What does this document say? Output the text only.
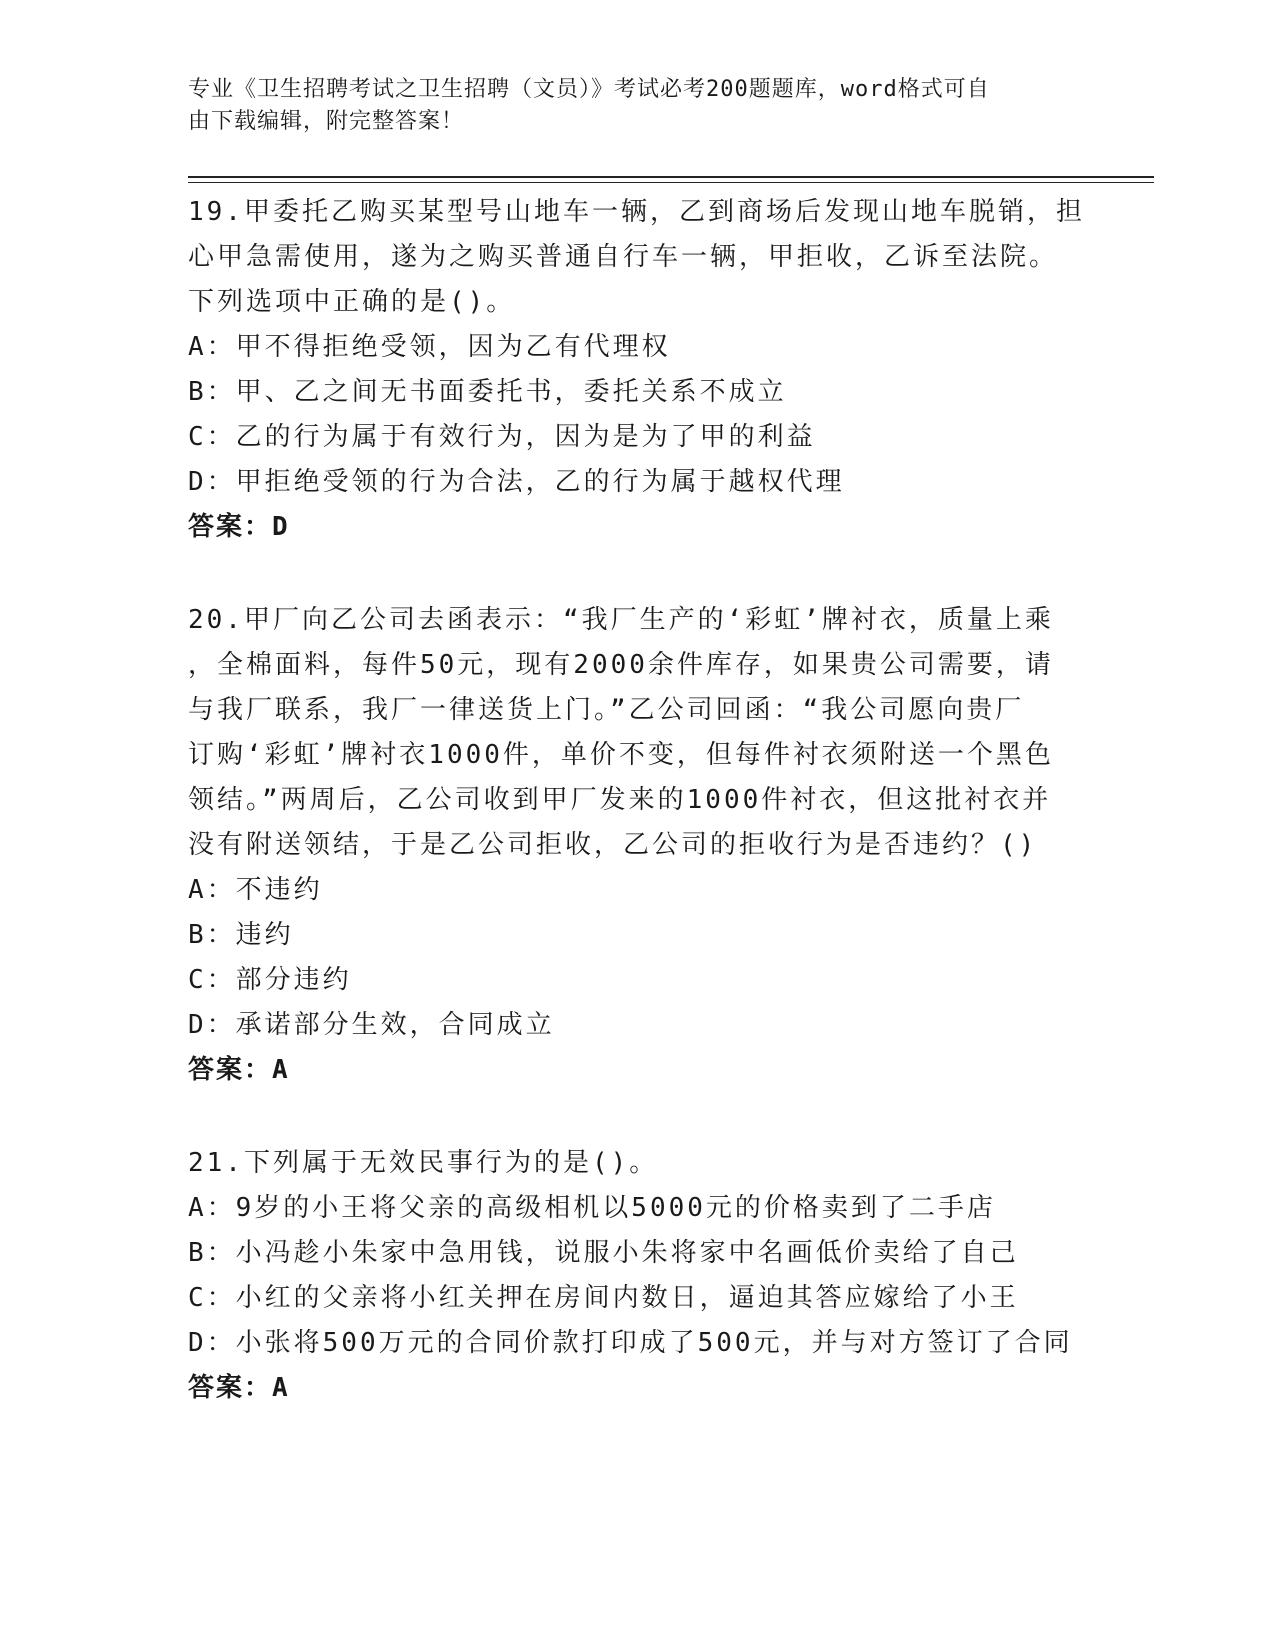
专业《卫生招聘考试之卫生招聘（文员）》考试必考200题题库，word格式可自
由下载编辑，附完整答案！
19.甲委托乙购买某型号山地车一辆，乙到商场后发现山地车脱销，担
心甲急需使用，遂为之购买普通自行车一辆，甲拒收，乙诉至法院。
下列选项中正确的是()。
A：甲不得拒绝受领，因为乙有代理权
B：甲、乙之间无书面委托书，委托关系不成立
C：乙的行为属于有效行为，因为是为了甲的利益
D：甲拒绝受领的行为合法，乙的行为属于越权代理
答案：D
20.甲厂向乙公司去函表示：“我厂生产的‘彩虹’牌衬衣，质量上乘
，全棉面料，每件50元，现有2000余件库存，如果贵公司需要，请
与我厂联系，我厂一律送货上门。”乙公司回函：“我公司愿向贵厂
订购‘彩虹’牌衬衣1000件，单价不变，但每件衬衣须附送一个黑色
领结。”两周后，乙公司收到甲厂发来的1000件衬衣，但这批衬衣并
没有附送领结，于是乙公司拒收，乙公司的拒收行为是否违约？()
A：不违约
B：违约
C：部分违约
D：承诺部分生效，合同成立
答案：A
21.下列属于无效民事行为的是()。
A：9岁的小王将父亲的高级相机以5000元的价格卖到了二手店
B：小冯趁小朱家中急用钱，说服小朱将家中名画低价卖给了自己
C：小红的父亲将小红关押在房间内数日，逼迫其答应嫁给了小王
D：小张将500万元的合同价款打印成了500元，并与对方签订了合同
答案：A
